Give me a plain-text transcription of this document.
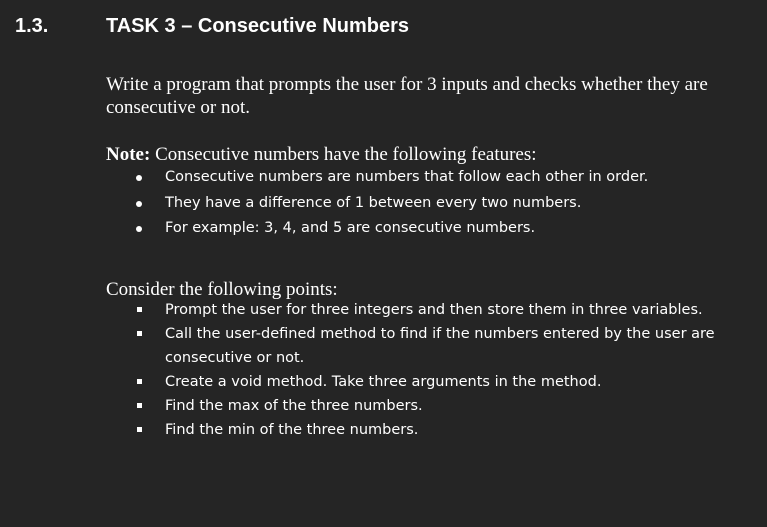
1.3.	TASK 3 – Consecutive Numbers
Write a program that prompts the user for 3 inputs and checks whether they are consecutive or not.
Note: Consecutive numbers have the following features:
Consecutive numbers are numbers that follow each other in order.
They have a difference of 1 between every two numbers.
For example: 3, 4, and 5 are consecutive numbers.
Consider the following points:
Prompt the user for three integers and then store them in three variables.
Call the user-defined method to find if the numbers entered by the user are consecutive or not.
Create a void method. Take three arguments in the method.
Find the max of the three numbers.
Find the min of the three numbers.
